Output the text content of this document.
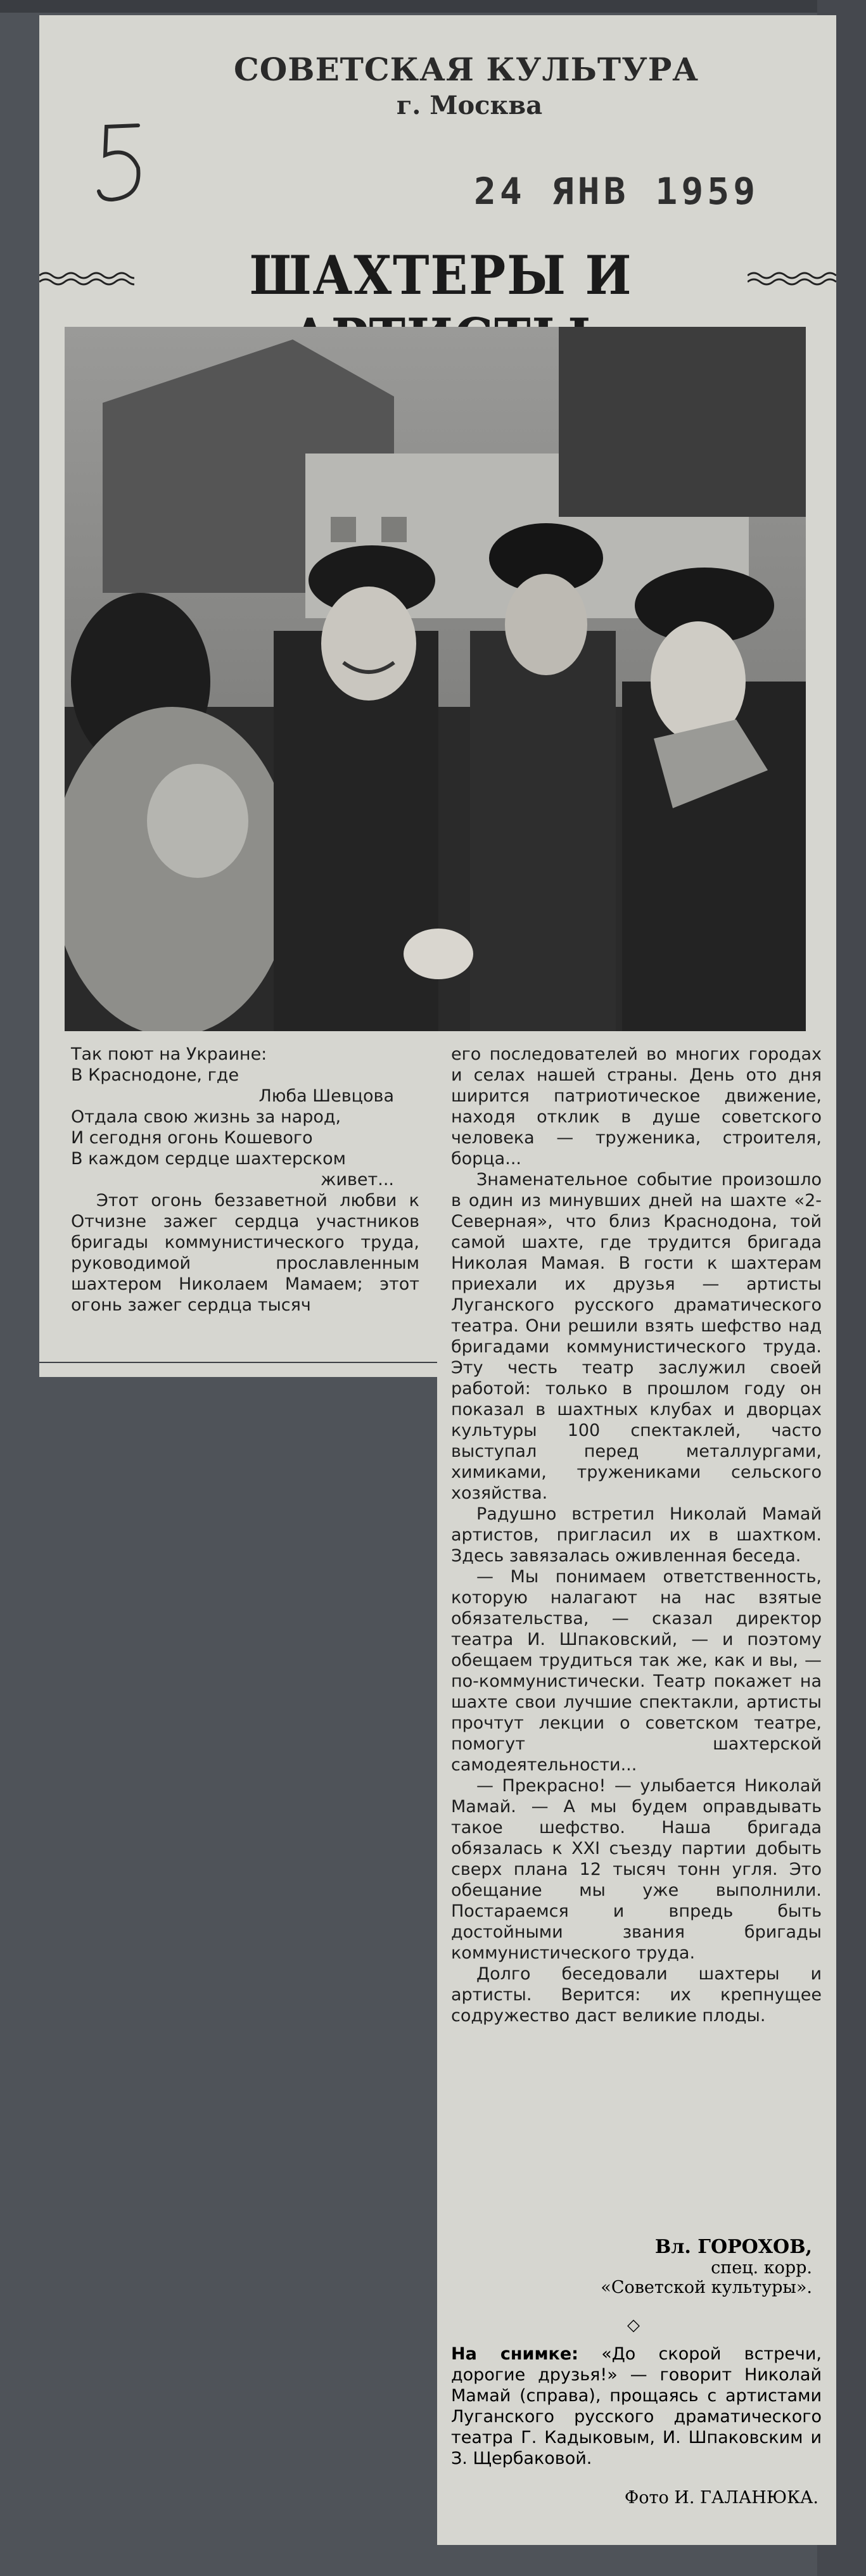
СОВЕТСКАЯ КУЛЬТУРА
г. Москва
24 ЯНВ 1959
ШАХТЕРЫ И

Так поют на Украине:

В Краснодоне, где

Люба Шевцова

Отдала свою жизнь за народ,

И сегодня огонь Кошевого

В каждом сердце шахтерском

живет...

Этот огонь беззаветной любви к Отчизне зажег сердца участников бригады коммунистического труда, руководимой прославленным шахтером Николаем Мамаем; этот огонь зажег сердца тысяч

его последователей во многих городах и селах нашей страны. День ото дня ширится патриотическое движение, находя отклик в душе советского человека — труженика, строителя, борца...

Знаменательное событие произошло в один из минувших дней на шахте «2-Северная», что близ Краснодона, той самой шахте, где трудится бригада Николая Мамая. В гости к шахтерам приехали их друзья — артисты Луганского русского драматического театра. Они решили взять шефство над бригадами коммунистического труда. Эту честь театр заслужил своей работой: только в прошлом году он показал в шахтных клубах и дворцах культуры 100 спектаклей, часто выступал перед металлургами, химиками, тружениками сельского хозяйства.

Радушно встретил Николай Мамай артистов, пригласил их в шахтком. Здесь завязалась оживленная беседа.

— Мы понимаем ответственность, которую налагают на нас взятые обязательства, — сказал директор театра И. Шпаковский, — и поэтому обещаем трудиться так же, как и вы, — по-коммунистически. Театр покажет на шахте свои лучшие спектакли, артисты прочтут лекции о советском театре, помогут шахтерской самодеятельности...

— Прекрасно! — улыбается Николай Мамай. — А мы будем оправдывать такое шефство. Наша бригада обязалась к XXI съезду партии добыть сверх плана 12 тысяч тонн угля. Это обещание мы уже выполнили. Постараемся и впредь быть достойными звания бригады коммунистического труда.

Долго беседовали шахтеры и артисты. Верится: их крепнущее содружество даст великие плоды.

Вл. ГОРОХОВ,
спец. корр.
«Советской культуры».
◇
На снимке: «До скорой встречи, дорогие друзья!» — говорит Николай Мамай (справа), прощаясь с артистами Луганского русского драматического театра Г. Кадыковым, И. Шпаковским и З. Щербаковой.
Фото И. ГАЛАНЮКА.
